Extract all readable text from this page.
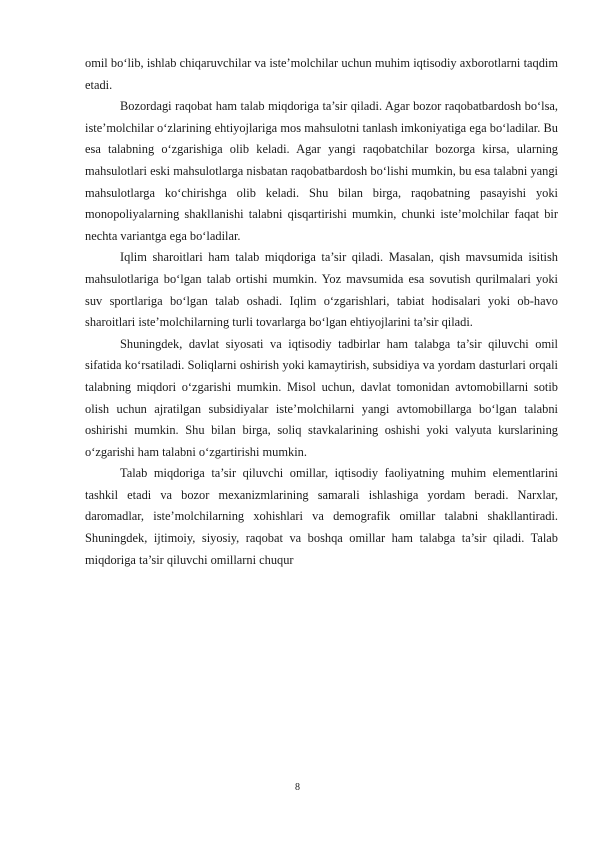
omil bo‘lib, ishlab chiqaruvchilar va iste’molchilar uchun muhim iqtisodiy axborotlarni taqdim etadi.

Bozordagi raqobat ham talab miqdoriga ta’sir qiladi. Agar bozor raqobatbardosh bo‘lsa, iste’molchilar o‘zlarining ehtiyojlariga mos mahsulotni tanlash imkoniyatiga ega bo‘ladilar. Bu esa talabning o‘zgarishiga olib keladi. Agar yangi raqobatchilar bozorga kirsa, ularning mahsulotlari eski mahsulotlarga nisbatan raqobatbardosh bo‘lishi mumkin, bu esa talabni yangi mahsulotlarga ko‘chirishga olib keladi. Shu bilan birga, raqobatning pasayishi yoki monopoliyalarning shakllanishi talabni qisqartirishi mumkin, chunki iste’molchilar faqat bir nechta variantga ega bo‘ladilar.

Iqlim sharoitlari ham talab miqdoriga ta’sir qiladi. Masalan, qish mavsumida isitish mahsulotlariga bo‘lgan talab ortishi mumkin. Yoz mavsumida esa sovutish qurilmalari yoki suv sportlariga bo‘lgan talab oshadi. Iqlim o‘zgarishlari, tabiat hodisalari yoki ob-havo sharoitlari iste’molchilarning turli tovarlarga bo‘lgan ehtiyojlarini ta’sir qiladi.

Shuningdek, davlat siyosati va iqtisodiy tadbirlar ham talabga ta’sir qiluvchi omil sifatida ko‘rsatiladi. Soliqlarni oshirish yoki kamaytirish, subsidiya va yordam dasturlari orqali talabning miqdori o‘zgarishi mumkin. Misol uchun, davlat tomonidan avtomobillarni sotib olish uchun ajratilgan subsidiyalar iste’molchilarni yangi avtomobillarga bo‘lgan talabni oshirishi mumkin. Shu bilan birga, soliq stavkalarining oshishi yoki valyuta kurslarining o‘zgarishi ham talabni o‘zgartirishi mumkin.

Talab miqdoriga ta’sir qiluvchi omillar, iqtisodiy faoliyatning muhim elementlarini tashkil etadi va bozor mexanizmlarining samarali ishlashiga yordam beradi. Narxlar, daromadlar, iste’molchilarning xohishlari va demografik omillar talabni shakllantiradi. Shuningdek, ijtimoiy, siyosiy, raqobat va boshqa omillar ham talabga ta’sir qiladi. Talab miqdoriga ta’sir qiluvchi omillarni chuqur

8
